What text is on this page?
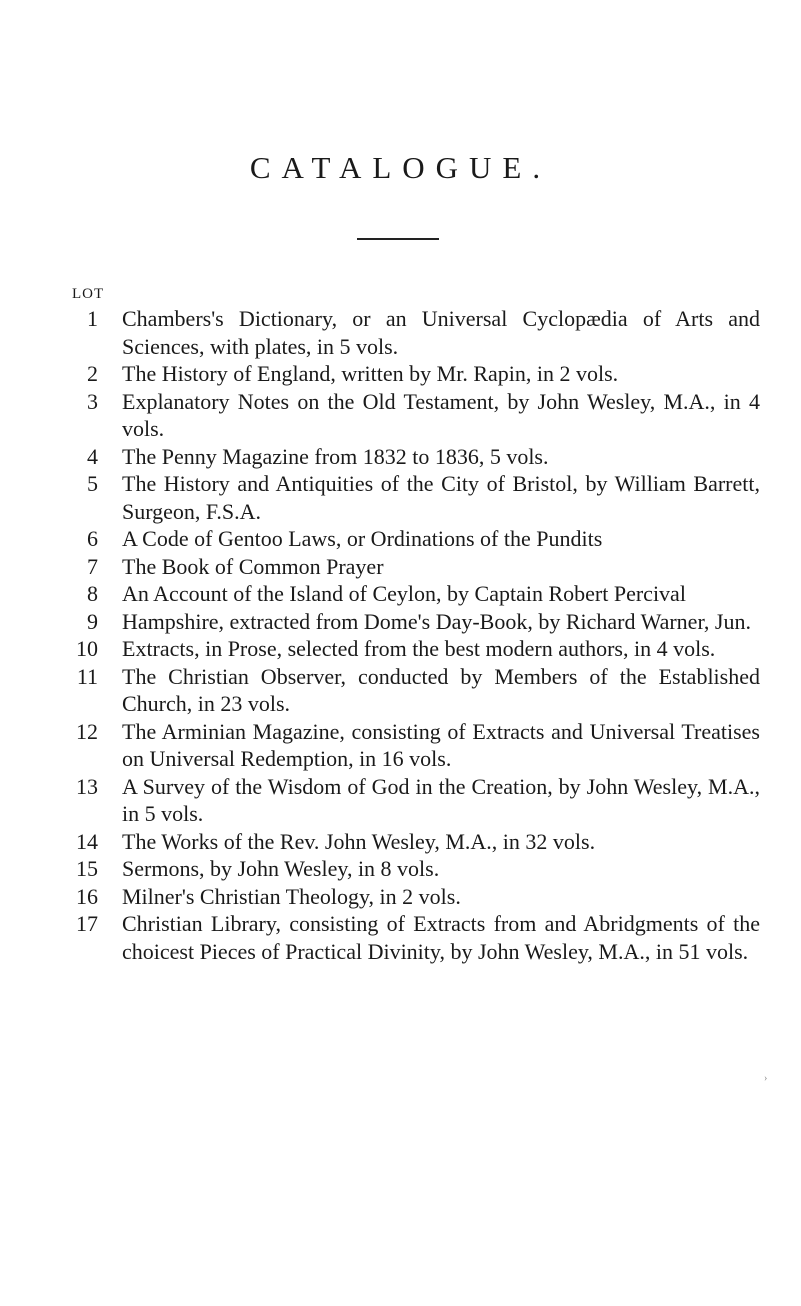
CATALOGUE.
LOT
1 Chambers's Dictionary, or an Universal Cyclopædia of Arts and Sciences, with plates, in 5 vols.
2 The History of England, written by Mr. Rapin, in 2 vols.
3 Explanatory Notes on the Old Testament, by John Wesley, M.A., in 4 vols.
4 The Penny Magazine from 1832 to 1836, 5 vols.
5 The History and Antiquities of the City of Bristol, by William Barrett, Surgeon, F.S.A.
6 A Code of Gentoo Laws, or Ordinations of the Pundits
7 The Book of Common Prayer
8 An Account of the Island of Ceylon, by Captain Robert Percival
9 Hampshire, extracted from Dome's Day-Book, by Richard Warner, Jun.
10 Extracts, in Prose, selected from the best modern authors, in 4 vols.
11 The Christian Observer, conducted by Members of the Established Church, in 23 vols.
12 The Arminian Magazine, consisting of Extracts and Universal Treatises on Universal Redemption, in 16 vols.
13 A Survey of the Wisdom of God in the Creation, by John Wesley, M.A., in 5 vols.
14 The Works of the Rev. John Wesley, M.A., in 32 vols.
15 Sermons, by John Wesley, in 8 vols.
16 Milner's Christian Theology, in 2 vols.
17 Christian Library, consisting of Extracts from and Abridgments of the choicest Pieces of Practical Divinity, by John Wesley, M.A., in 51 vols.
›
